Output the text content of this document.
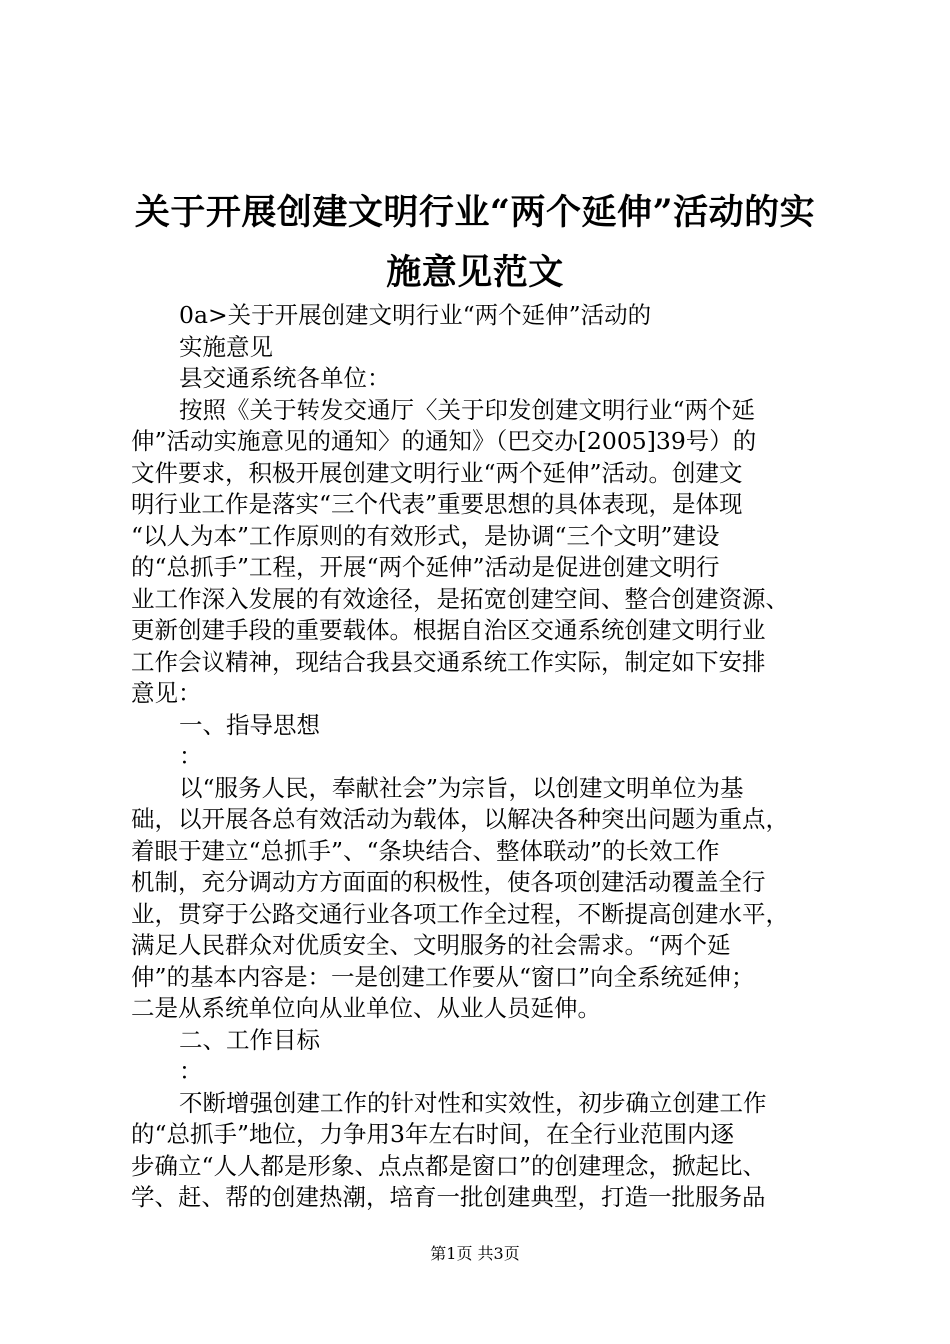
关于开展创建文明行业“两个延伸”活动的实
施意见范文
0a>关于开展创建文明行业“两个延伸”活动的
实施意见
县交通系统各单位：
按照《关于转发交通厅〈关于印发创建文明行业“两个延
伸”活动实施意见的通知〉的通知》（巴交办[2005]39号）的
文件要求，积极开展创建文明行业“两个延伸”活动。创建文
明行业工作是落实“三个代表”重要思想的具体表现，是体现
“以人为本”工作原则的有效形式，是协调“三个文明”建设
的“总抓手”工程，开展“两个延伸”活动是促进创建文明行
业工作深入发展的有效途径，是拓宽创建空间、整合创建资源、
更新创建手段的重要载体。根据自治区交通系统创建文明行业
工作会议精神，现结合我县交通系统工作实际，制定如下安排
意见：
一、指导思想
：
以“服务人民，奉献社会”为宗旨，以创建文明单位为基
础，以开展各总有效活动为载体，以解决各种突出问题为重点，
着眼于建立“总抓手”、“条块结合、整体联动”的长效工作
机制，充分调动方方面面的积极性，使各项创建活动覆盖全行
业，贯穿于公路交通行业各项工作全过程，不断提高创建水平，
满足人民群众对优质安全、文明服务的社会需求。“两个延
伸”的基本内容是：一是创建工作要从“窗口”向全系统延伸；
二是从系统单位向从业单位、从业人员延伸。
二、工作目标
：
不断增强创建工作的针对性和实效性，初步确立创建工作
的“总抓手”地位，力争用3年左右时间，在全行业范围内逐
步确立“人人都是形象、点点都是窗口”的创建理念，掀起比、
学、赶、帮的创建热潮，培育一批创建典型，打造一批服务品
第1页 共3页
